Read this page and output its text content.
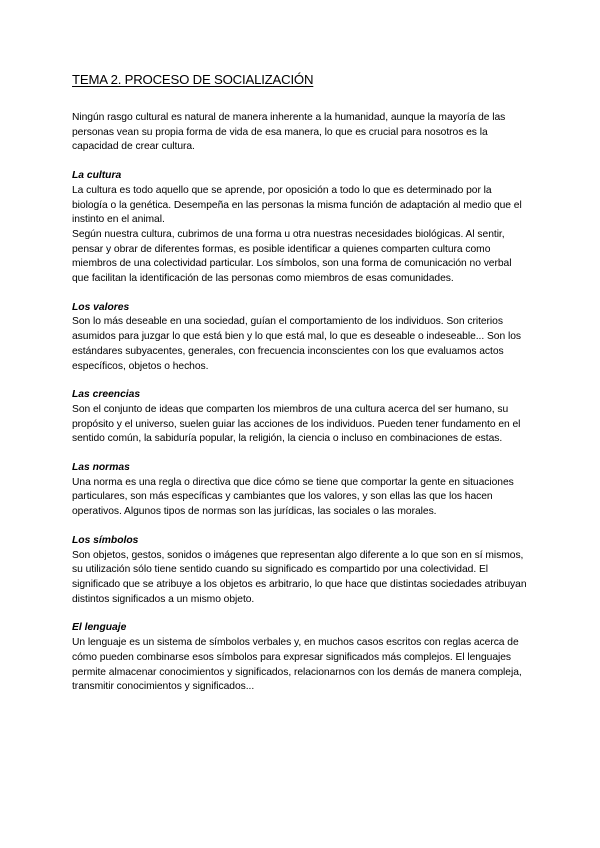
TEMA 2. PROCESO DE SOCIALIZACIÓN

Ningún rasgo cultural es natural de manera inherente a la humanidad, aunque la mayoría de las personas vean su propia forma de vida de esa manera, lo que es crucial para nosotros es la capacidad de crear cultura.

La cultura

La cultura es todo aquello que se aprende, por oposición a todo lo que es determinado por la biología o la genética. Desempeña en las personas la misma función de adaptación al medio que el instinto en el animal.

Según nuestra cultura, cubrimos de una forma u otra nuestras necesidades biológicas. Al sentir, pensar y obrar de diferentes formas, es posible identificar a quienes comparten cultura como miembros de una colectividad particular. Los símbolos, son una forma de comunicación no verbal que facilitan la identificación de las personas como miembros de esas comunidades.

Los valores

Son lo más deseable en una sociedad, guían el comportamiento de los individuos. Son criterios asumidos para juzgar lo que está bien y lo que está mal, lo que es deseable o indeseable... Son los estándares subyacentes, generales, con frecuencia inconscientes con los que evaluamos actos específicos, objetos o hechos.

Las creencias

Son el conjunto de ideas que comparten los miembros de una cultura acerca del ser humano, su propósito y el universo, suelen guiar las acciones de los individuos. Pueden tener fundamento en el sentido común, la sabiduría popular, la religión, la ciencia o incluso en combinaciones de estas.

Las normas

Una norma es una regla o directiva que dice cómo se tiene que comportar la gente en situaciones particulares, son más específicas y cambiantes que los valores, y son ellas las que los hacen operativos. Algunos tipos de normas son las jurídicas, las sociales o las morales.

Los símbolos

Son objetos, gestos, sonidos o imágenes que representan algo diferente a lo que son en sí mismos, su utilización sólo tiene sentido cuando su significado es compartido por una colectividad. El significado que se atribuye a los objetos es arbitrario, lo que hace que distintas sociedades atribuyan distintos significados a un mismo objeto.

El lenguaje

Un lenguaje es un sistema de símbolos verbales y, en muchos casos escritos con reglas acerca de cómo pueden combinarse esos símbolos para expresar significados más complejos. El lenguajes permite almacenar conocimientos y significados, relacionarnos con los demás de manera compleja, transmitir conocimientos y significados...
